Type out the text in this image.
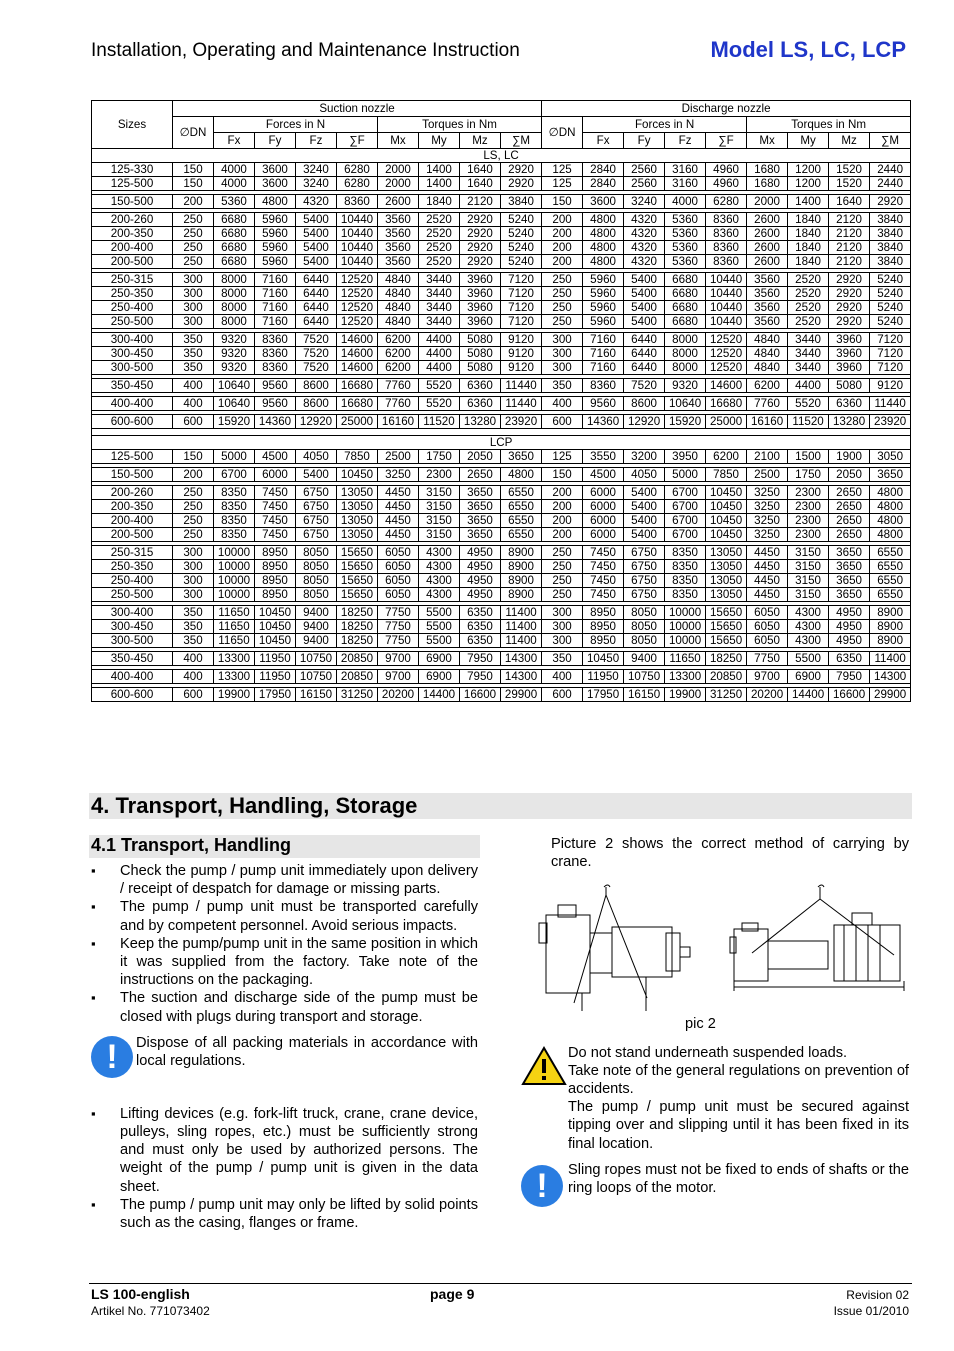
Installation, Operating and Maintenance Instruction	Model LS, LC, LCP
Sizes	Suction nozzle									Discharge nozzle								
	∅DN	Forces in N				Torques in Nm				∅DN	Forces in N				Torques in Nm			
		Fx	Fy	Fz	∑F	Mx	My	Mz	∑M		Fx	Fy	Fz	∑F	Mx	My	Mz	∑M
LS, LC																		
125-330	150	4000	3600	3240	6280	2000	1400	1640	2920	125	2840	2560	3160	4960	1680	1200	1520	2440
125-500	150	4000	3600	3240	6280	2000	1400	1640	2920	125	2840	2560	3160	4960	1680	1200	1520	2440

150-500	200	5360	4800	4320	8360	2600	1840	2120	3840	150	3600	3240	4000	6280	2000	1400	1640	2920

200-260	250	6680	5960	5400	10440	3560	2520	2920	5240	200	4800	4320	5360	8360	2600	1840	2120	3840
200-350	250	6680	5960	5400	10440	3560	2520	2920	5240	200	4800	4320	5360	8360	2600	1840	2120	3840
200-400	250	6680	5960	5400	10440	3560	2520	2920	5240	200	4800	4320	5360	8360	2600	1840	2120	3840
200-500	250	6680	5960	5400	10440	3560	2520	2920	5240	200	4800	4320	5360	8360	2600	1840	2120	3840

250-315	300	8000	7160	6440	12520	4840	3440	3960	7120	250	5960	5400	6680	10440	3560	2520	2920	5240
250-350	300	8000	7160	6440	12520	4840	3440	3960	7120	250	5960	5400	6680	10440	3560	2520	2920	5240
250-400	300	8000	7160	6440	12520	4840	3440	3960	7120	250	5960	5400	6680	10440	3560	2520	2920	5240
250-500	300	8000	7160	6440	12520	4840	3440	3960	7120	250	5960	5400	6680	10440	3560	2520	2920	5240

300-400	350	9320	8360	7520	14600	6200	4400	5080	9120	300	7160	6440	8000	12520	4840	3440	3960	7120
300-450	350	9320	8360	7520	14600	6200	4400	5080	9120	300	7160	6440	8000	12520	4840	3440	3960	7120
300-500	350	9320	8360	7520	14600	6200	4400	5080	9120	300	7160	6440	8000	12520	4840	3440	3960	7120

350-450	400	10640	9560	8600	16680	7760	5520	6360	11440	350	8360	7520	9320	14600	6200	4400	5080	9120

400-400	400	10640	9560	8600	16680	7760	5520	6360	11440	400	9560	8600	10640	16680	7760	5520	6360	11440

600-600	600	15920	14360	12920	25000	16160	11520	13280	23920	600	14360	12920	15920	25000	16160	11520	13280	23920

LCP																		
125-500	150	5000	4500	4050	7850	2500	1750	2050	3650	125	3550	3200	3950	6200	2100	1500	1900	3050

150-500	200	6700	6000	5400	10450	3250	2300	2650	4800	150	4500	4050	5000	7850	2500	1750	2050	3650

200-260	250	8350	7450	6750	13050	4450	3150	3650	6550	200	6000	5400	6700	10450	3250	2300	2650	4800
200-350	250	8350	7450	6750	13050	4450	3150	3650	6550	200	6000	5400	6700	10450	3250	2300	2650	4800
200-400	250	8350	7450	6750	13050	4450	3150	3650	6550	200	6000	5400	6700	10450	3250	2300	2650	4800
200-500	250	8350	7450	6750	13050	4450	3150	3650	6550	200	6000	5400	6700	10450	3250	2300	2650	4800

250-315	300	10000	8950	8050	15650	6050	4300	4950	8900	250	7450	6750	8350	13050	4450	3150	3650	6550
250-350	300	10000	8950	8050	15650	6050	4300	4950	8900	250	7450	6750	8350	13050	4450	3150	3650	6550
250-400	300	10000	8950	8050	15650	6050	4300	4950	8900	250	7450	6750	8350	13050	4450	3150	3650	6550
250-500	300	10000	8950	8050	15650	6050	4300	4950	8900	250	7450	6750	8350	13050	4450	3150	3650	6550

300-400	350	11650	10450	9400	18250	7750	5500	6350	11400	300	8950	8050	10000	15650	6050	4300	4950	8900
300-450	350	11650	10450	9400	18250	7750	5500	6350	11400	300	8950	8050	10000	15650	6050	4300	4950	8900
300-500	350	11650	10450	9400	18250	7750	5500	6350	11400	300	8950	8050	10000	15650	6050	4300	4950	8900

350-450	400	13300	11950	10750	20850	9700	6900	7950	14300	350	10450	9400	11650	18250	7750	5500	6350	11400

400-400	400	13300	11950	10750	20850	9700	6900	7950	14300	400	11950	10750	13300	20850	9700	6900	7950	14300

600-600	600	19900	17950	16150	31250	20200	14400	16600	29900	600	17950	16150	19900	31250	20200	14400	16600	29900
4. Transport, Handling, Storage
4.1 Transport, Handling
▪ Check the pump / pump unit immediately upon delivery / receipt of despatch for damage or missing parts.
▪ The pump / pump unit must be transported carefully and by competent personnel. Avoid serious impacts.
▪ Keep the pump/pump unit in the same position in which it was supplied from the factory. Take note of the instructions on the packaging.
▪ The suction and discharge side of the pump must be closed with plugs during transport and storage.
!	Dispose of all packing materials in accordance with local regulations.
▪ Lifting devices (e.g. fork-lift truck, crane, crane device, pulleys, sling ropes, etc.) must be sufficiently strong and must only be used by authorized persons. The weight of the pump / pump unit is given in the data sheet.
▪ The pump / pump unit may only be lifted by solid points such as the casing, flanges or frame.

Picture 2 shows the correct method of carrying by crane.

pic 2
Do not stand underneath suspended loads.
Take note of the general regulations on prevention of accidents.
The pump / pump unit must be secured against tipping over and slipping until it has been fixed in its final location.
!	Sling ropes must not be fixed to ends of shafts or the ring loops of the motor.
LS 100-english
Artikel No. 771073402
page 9	Revision 02
Issue 01/2010
